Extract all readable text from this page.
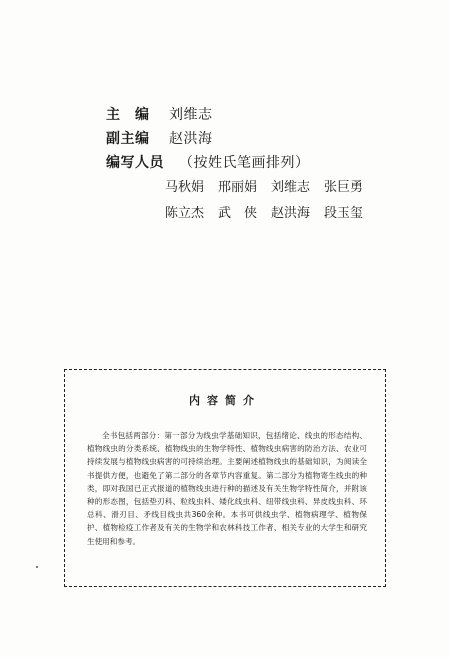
主　编 刘维志
副主编 赵洪海
编写人员 （按姓氏笔画排列）
马秋娟 邢丽娟 刘维志 张巨勇
陈立杰 武　侠 赵洪海 段玉玺
内容简介

全书包括两部分：第一部分为线虫学基础知识，包括绪论、线虫的形态结构、植物线虫的分类系统、植物线虫的生物学特性、植物线虫病害的防治方法、农业可持续发展与植物线虫病害的可持续治理。主要阐述植物线虫的基础知识，为阅读全书提供方便，也避免了第二部分的各章节内容重复。第二部分为植物寄生线虫的种类，即对我国已正式报道的植物线虫进行种的描述及有关生物学特性简介，并附该种的形态图，包括垫刃科、粒线虫科、矮化线虫科、纽带线虫科、异皮线虫科、环总科、滑刃目、矛线目线虫共360余种。本书可供线虫学、植物病理学、植物保护、植物检疫工作者及有关的生物学和农林科技工作者、相关专业的大学生和研究生使用和参考。
